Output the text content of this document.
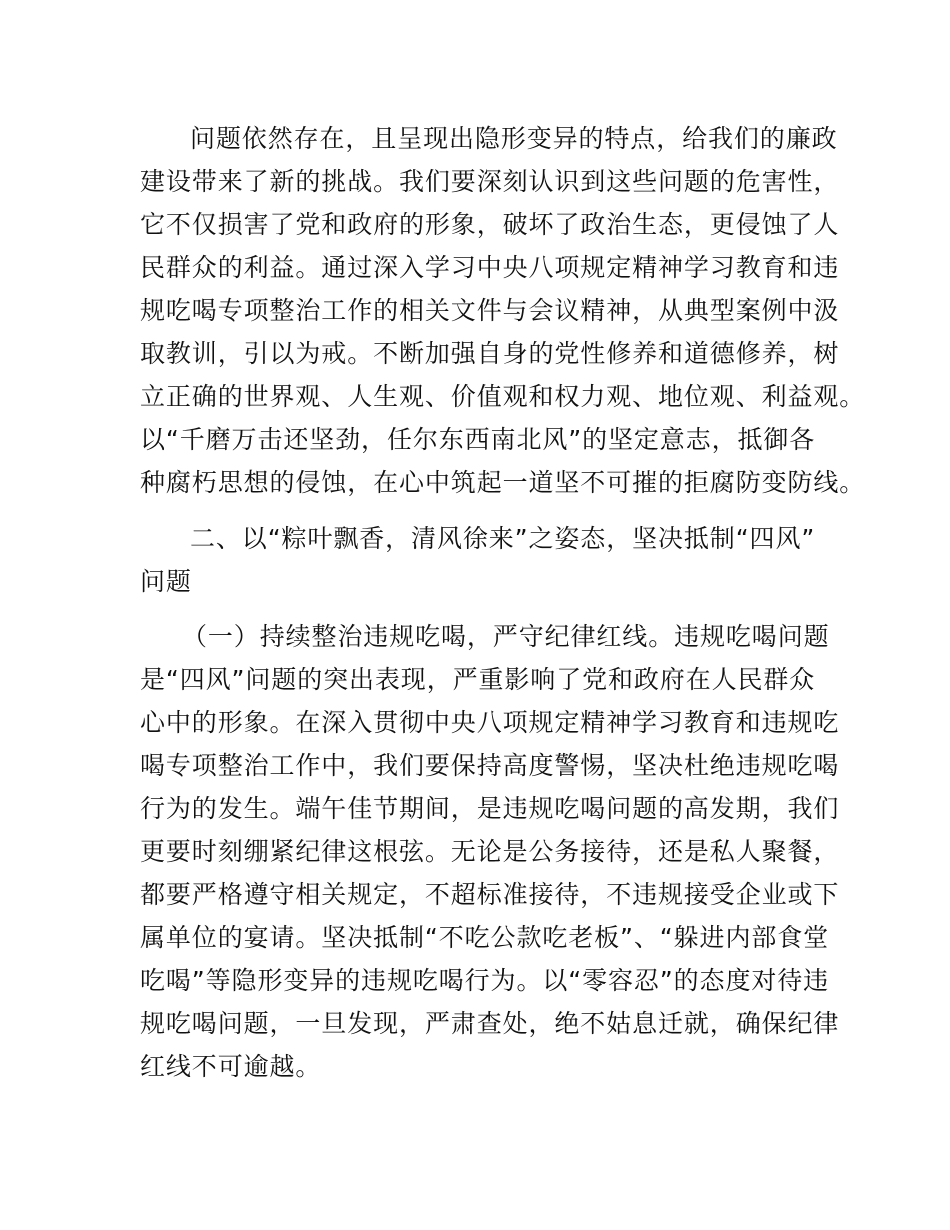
问题依然存在，且呈现出隐形变异的特点，给我们的廉政
建设带来了新的挑战。我们要深刻认识到这些问题的危害性，
它不仅损害了党和政府的形象，破坏了政治生态，更侵蚀了人
民群众的利益。通过深入学习中央八项规定精神学习教育和违
规吃喝专项整治工作的相关文件与会议精神，从典型案例中汲
取教训，引以为戒。不断加强自身的党性修养和道德修养，树
立正确的世界观、人生观、价值观和权力观、地位观、利益观。
以“千磨万击还坚劲，任尔东西南北风”的坚定意志，抵御各
种腐朽思想的侵蚀，在心中筑起一道坚不可摧的拒腐防变防线。
二、以“粽叶飘香，清风徐来”之姿态，坚决抵制“四风”
问题
（一）持续整治违规吃喝，严守纪律红线。违规吃喝问题
是“四风”问题的突出表现，严重影响了党和政府在人民群众
心中的形象。在深入贯彻中央八项规定精神学习教育和违规吃
喝专项整治工作中，我们要保持高度警惕，坚决杜绝违规吃喝
行为的发生。端午佳节期间，是违规吃喝问题的高发期，我们
更要时刻绷紧纪律这根弦。无论是公务接待，还是私人聚餐，
都要严格遵守相关规定，不超标准接待，不违规接受企业或下
属单位的宴请。坚决抵制“不吃公款吃老板”、“躲进内部食堂
吃喝”等隐形变异的违规吃喝行为。以“零容忍”的态度对待违
规吃喝问题，一旦发现，严肃查处，绝不姑息迁就，确保纪律
红线不可逾越。
